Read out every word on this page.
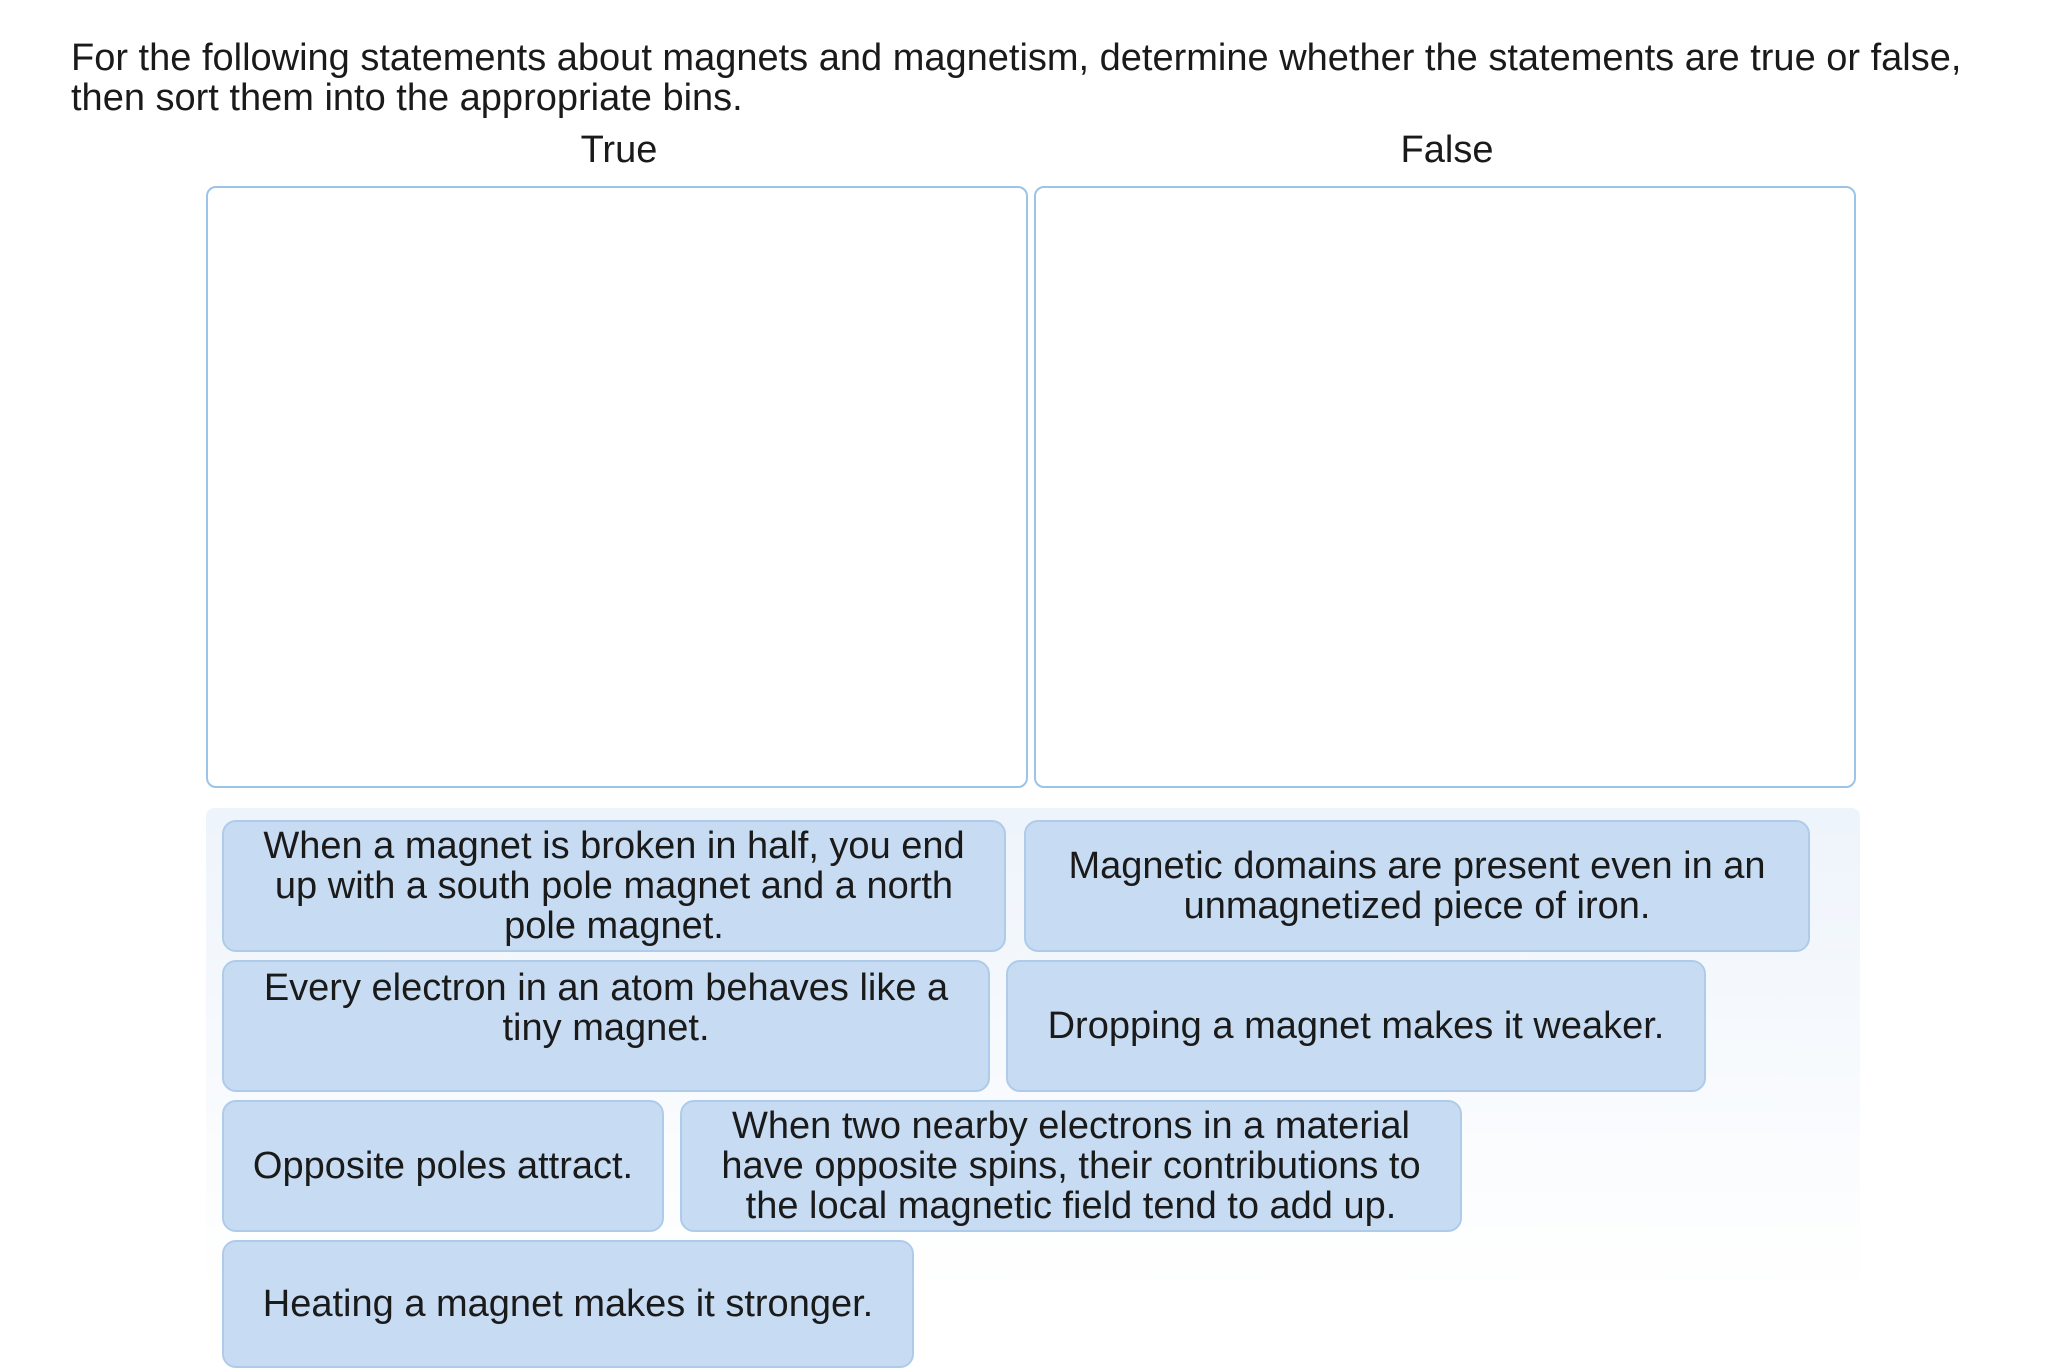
For the following statements about magnets and magnetism, determine whether the statements are true or false, then sort them into the appropriate bins.
True	False
When a magnet is broken in half, you end up with a south pole magnet and a north pole magnet.
Magnetic domains are present even in an unmagnetized piece of iron.
Every electron in an atom behaves like a tiny magnet.	Dropping a magnet makes it weaker.
Opposite poles attract.
When two nearby electrons in a material have opposite spins, their contributions to the local magnetic field tend to add up.
Heating a magnet makes it stronger.
